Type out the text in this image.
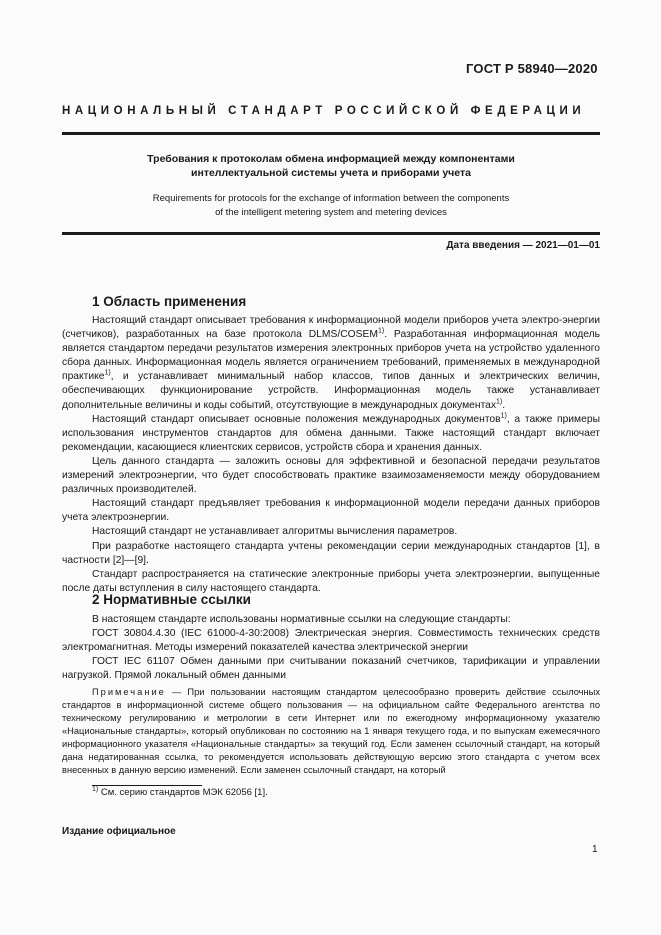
ГОСТ Р 58940—2020
НАЦИОНАЛЬНЫЙ СТАНДАРТ РОССИЙСКОЙ ФЕДЕРАЦИИ
Требования к протоколам обмена информацией между компонентами
интеллектуальной системы учета и приборами учета
Requirements for protocols for the exchange of information between the components
of the intelligent metering system and metering devices
Дата введения — 2021—01—01
1 Область применения

Настоящий стандарт описывает требования к информационной модели приборов учета электро-энергии (счетчиков), разработанных на базе протокола DLMS/COSEM$^{1)}$. Разработанная информационная модель является стандартом передачи результатов измерения электронных приборов учета на устройство удаленного сбора данных. Информационная модель является ограничением требований, применяемых в международной практике$^{1)}$, и устанавливает минимальный набор классов, типов данных и электрических величин, обеспечивающих функционирование устройств. Информационная модель также устанавливает дополнительные величины и коды событий, отсутствующие в международных документах$^{1)}$.

Настоящий стандарт описывает основные положения международных документов$^{1)}$, а также примеры использования инструментов стандартов для обмена данными. Также настоящий стандарт включает рекомендации, касающиеся клиентских сервисов, устройств сбора и хранения данных.

Цель данного стандарта — заложить основы для эффективной и безопасной передачи результатов измерений электроэнергии, что будет способствовать практике взаимозаменяемости между оборудованием различных производителей.

Настоящий стандарт предъявляет требования к информационной модели передачи данных приборов учета электроэнергии.

Настоящий стандарт не устанавливает алгоритмы вычисления параметров.

При разработке настоящего стандарта учтены рекомендации серии международных стандартов [1], в частности [2]—[9].

Стандарт распространяется на статические электронные приборы учета электроэнергии, выпущенные после даты вступления в силу настоящего стандарта.

2 Нормативные ссылки

В настоящем стандарте использованы нормативные ссылки на следующие стандарты:

ГОСТ 30804.4.30 (IEC 61000-4-30:2008) Электрическая энергия. Совместимость технических средств электромагнитная. Методы измерений показателей качества электрической энергии

ГОСТ IEC 61107 Обмен данными при считывании показаний счетчиков, тарификации и управлении нагрузкой. Прямой локальный обмен данными

Примечание — При пользовании настоящим стандартом целесообразно проверить действие ссылочных стандартов в информационной системе общего пользования — на официальном сайте Федерального агентства по техническому регулированию и метрологии в сети Интернет или по ежегодному информационному указателю «Национальные стандарты», который опубликован по состоянию на 1 января текущего года, и по выпускам ежемесячного информационного указателя «Национальные стандарты» за текущий год. Если заменен ссылочный стандарт, на который дана недатированная ссылка, то рекомендуется использовать действующую версию этого стандарта с учетом всех внесенных в данную версию изменений. Если заменен ссылочный стандарт, на который

$^{1)}$ См. серию стандартов МЭК 62056 [1].
Издание официальное
1
